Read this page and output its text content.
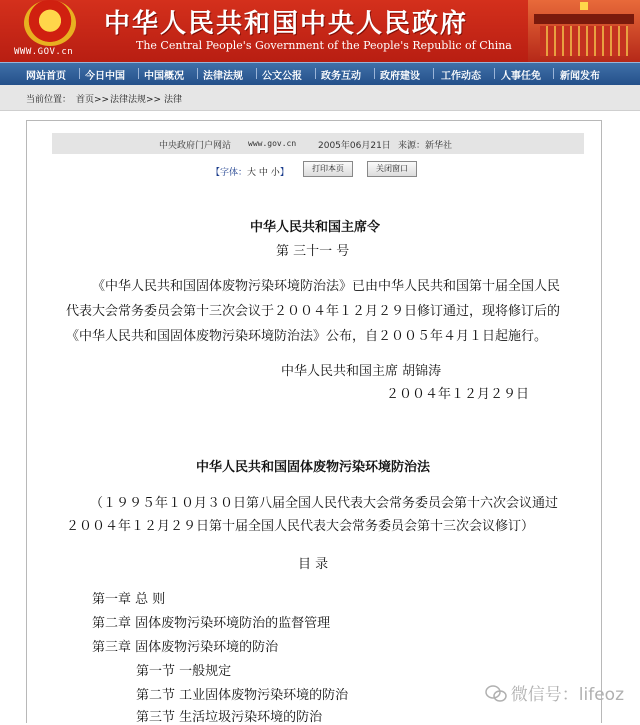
★
WWW.GOV.cn
中华人民共和国中央人民政府
The Central People's Government of the People's Republic of China
网站首页 今日中国 中国概况 法律法规 公文公报 政务互动 政府建设 工作动态 人事任免 新闻发布
当前位置： 首页>> 法律法规>> 法律
中央政府门户网站 www.gov.cn 2005年06月21日 来源：新华社
【字体：大 中 小】	打印本页	关闭窗口
中华人民共和国主席令
第 三十一 号
《中华人民共和国固体废物污染环境防治法》已由中华人民共和国第十届全国人民
代表大会常务委员会第十三次会议于２００４年１２月２９日修订通过，现将修订后的
《中华人民共和国固体废物污染环境防治法》公布，自２００５年４月１日起施行。
中华人民共和国主席 胡锦涛
２００４年１２月２９日
中华人民共和国固体废物污染环境防治法
（１９９５年１０月３０日第八届全国人民代表大会常务委员会第十六次会议通过
２００４年１２月２９日第十届全国人民代表大会常务委员会第十三次会议修订）
目 录
第一章 总 则
第二章 固体废物污染环境防治的监督管理
第三章 固体废物污染环境的防治
第一节 一般规定
第二节 工业固体废物污染环境的防治
第三节 生活垃圾污染环境的防治
微信号：lifeoz
